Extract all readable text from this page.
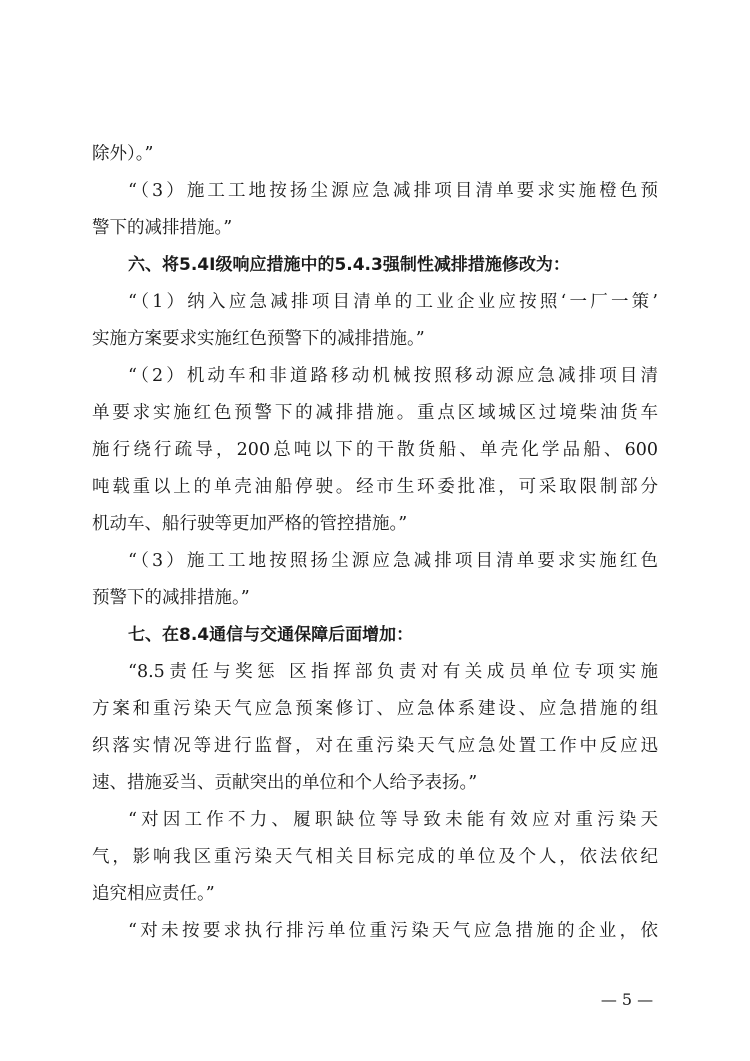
除外）。”
“（3）施工工地按扬尘源应急减排项目清单要求实施橙色预
警下的减排措施。”
六、将5.4Ⅰ级响应措施中的5.4.3强制性减排措施修改为：
“（1）纳入应急减排项目清单的工业企业应按照‘一厂一策’
实施方案要求实施红色预警下的减排措施。”
“（2）机动车和非道路移动机械按照移动源应急减排项目清
单要求实施红色预警下的减排措施。重点区域城区过境柴油货车
施行绕行疏导，200总吨以下的干散货船、单壳化学品船、600
吨载重以上的单壳油船停驶。经市生环委批准，可采取限制部分
机动车、船行驶等更加严格的管控措施。”
“（3）施工工地按照扬尘源应急减排项目清单要求实施红色
预警下的减排措施。”
七、在8.4通信与交通保障后面增加：
“8.5责任与奖惩 区指挥部负责对有关成员单位专项实施
方案和重污染天气应急预案修订、应急体系建设、应急措施的组
织落实情况等进行监督，对在重污染天气应急处置工作中反应迅
速、措施妥当、贡献突出的单位和个人给予表扬。”
“对因工作不力、履职缺位等导致未能有效应对重污染天
气，影响我区重污染天气相关目标完成的单位及个人，依法依纪
追究相应责任。”
“对未按要求执行排污单位重污染天气应急措施的企业，依
— 5 —
